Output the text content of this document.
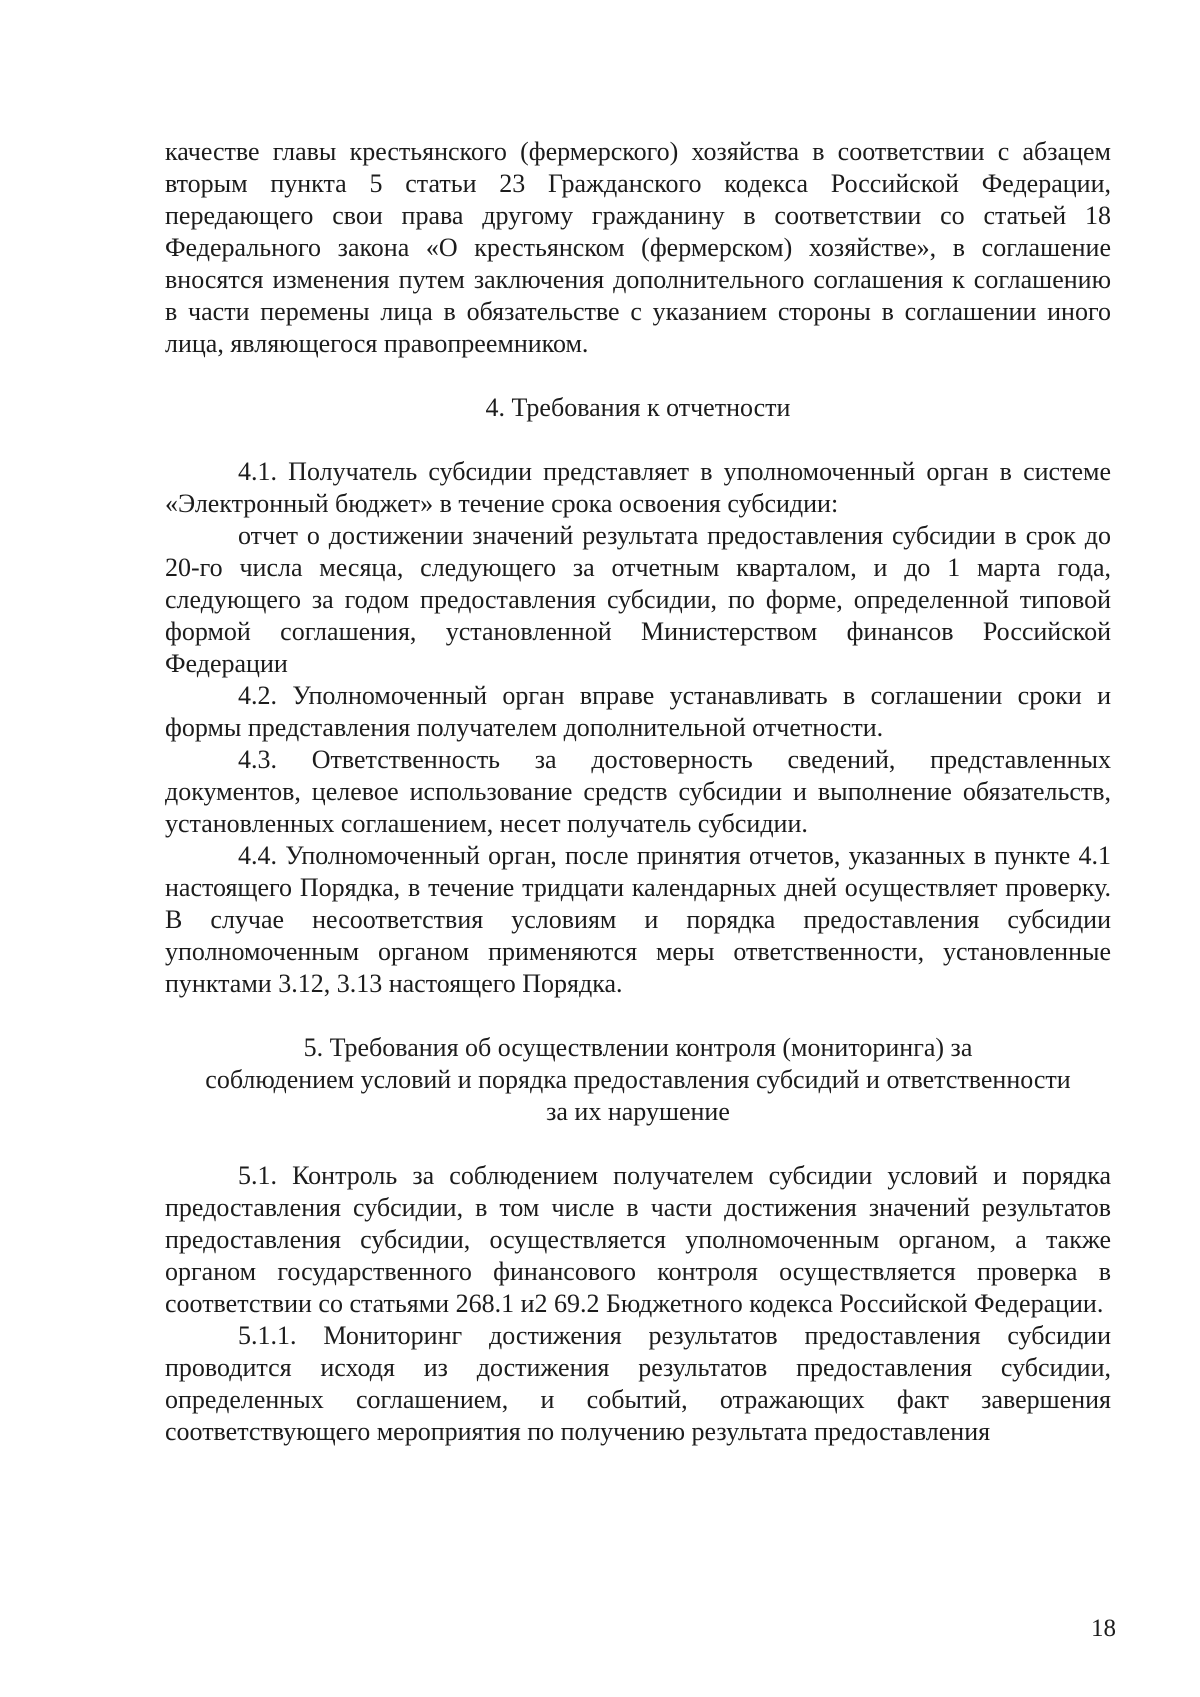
качестве главы крестьянского (фермерского) хозяйства в соответствии с абзацем вторым пункта 5 статьи 23 Гражданского кодекса Российской Федерации, передающего свои права другому гражданину в соответствии со статьей 18 Федерального закона «О крестьянском (фермерском) хозяйстве», в соглашение вносятся изменения путем заключения дополнительного соглашения к соглашению в части перемены лица в обязательстве с указанием стороны в соглашении иного лица, являющегося правопреемником.

4. Требования к отчетности

4.1. Получатель субсидии представляет в уполномоченный орган в системе «Электронный бюджет» в течение срока освоения субсидии:

отчет о достижении значений результата предоставления субсидии в срок до 20-го числа месяца, следующего за отчетным кварталом, и до 1 марта года, следующего за годом предоставления субсидии, по форме, определенной типовой формой соглашения, установленной Министерством финансов Российской Федерации

4.2. Уполномоченный орган вправе устанавливать в соглашении сроки и формы представления получателем дополнительной отчетности.

4.3. Ответственность за достоверность сведений, представленных документов, целевое использование средств субсидии и выполнение обязательств, установленных соглашением, несет получатель субсидии.

4.4. Уполномоченный орган, после принятия отчетов, указанных в пункте 4.1 настоящего Порядка, в течение тридцати календарных дней осуществляет проверку. В случае несоответствия условиям и порядка предоставления субсидии уполномоченным органом применяются меры ответственности, установленные пунктами 3.12, 3.13 настоящего Порядка.

5. Требования об осуществлении контроля (мониторинга) за

соблюдением условий и порядка предоставления субсидий и ответственности

за их нарушение

5.1. Контроль за соблюдением получателем субсидии условий и порядка предоставления субсидии, в том числе в части достижения значений результатов предоставления субсидии, осуществляется уполномоченным органом, а также органом государственного финансового контроля осуществляется проверка в соответствии со статьями 268.1 и2 69.2 Бюджетного кодекса Российской Федерации.

5.1.1. Мониторинг достижения результатов предоставления субсидии проводится исходя из достижения результатов предоставления субсидии, определенных соглашением, и событий, отражающих факт завершения соответствующего мероприятия по получению результата предоставления

18
